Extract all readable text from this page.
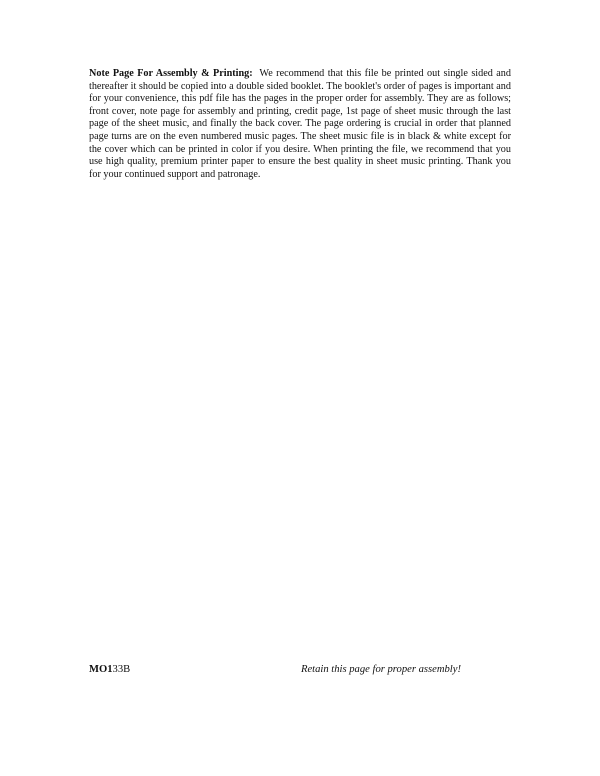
Note Page For Assembly & Printing: We recommend that this file be printed out single sided and thereafter it should be copied into a double sided booklet. The booklet's order of pages is important and for your convenience, this pdf file has the pages in the proper order for assembly. They are as follows; front cover, note page for assembly and printing, credit page, 1st page of sheet music through the last page of the sheet music, and finally the back cover. The page ordering is crucial in order that planned page turns are on the even numbered music pages. The sheet music file is in black & white except for the cover which can be printed in color if you desire. When printing the file, we recommend that you use high quality, premium printer paper to ensure the best quality in sheet music printing. Thank you for your continued support and patronage.

MO133B	Retain this page for proper assembly!
